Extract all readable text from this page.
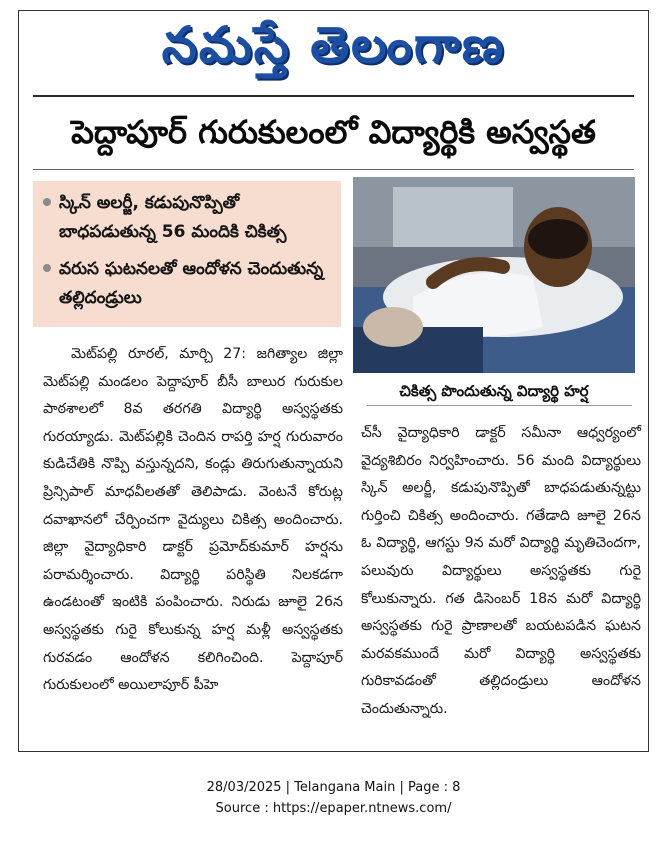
నమస్తే తెలంగాణ
పెద్దాపూర్ గురుకులంలో విద్యార్థికి అస్వస్థత
స్కిన్ అలర్జీ, కడుపునొప్పితో బాధపడుతున్న 56 మందికి చికిత్స
వరుస ఘటనలతో ఆందోళన చెందుతున్న తల్లిదండ్రులు
చికిత్స పొందుతున్న విద్యార్థి హర్ష

మెట్‌పల్లి రూరల్, మార్చి 27: జగిత్యాల జిల్లా మెట్‌పల్లి మండలం పెద్దాపూర్ బీసీ బాలుర గురుకుల పాఠశాలలో 8వ తరగతి విద్యార్థి అస్వస్థతకు గురయ్యాడు. మెట్‌పల్లికి చెందిన రాపర్తి హర్ష గురువారం కుడిచేతికి నొప్పి వస్తున్నదని, కండ్లు తిరుగుతున్నాయని ప్రిన్సిపాల్ మాధవీలతతో తెలిపాడు. వెంటనే కోరుట్ల దవాఖానలో చేర్పించగా వైద్యులు చికిత్స అందించారు. జిల్లా వైద్యాధికారి డాక్టర్ ప్రమోద్‌కుమార్ హర్షను పరామర్శించారు. విద్యార్థి పరిస్థితి నిలకడగా ఉండటంతో ఇంటికి పంపించారు. నిరుడు జూలై 26న అస్వస్థతకు గురై కోలుకున్న హర్ష మళ్లీ అస్వస్థతకు గురవడం ఆందోళన కలిగించింది. పెద్దాపూర్ గురుకులంలో అయిలాపూర్ పీహె

చ్‌సీ వైద్యాధికారి డాక్టర్ సమీనా ఆధ్వర్యంలో వైద్యశిబిరం నిర్వహించారు. 56 మంది విద్యార్థులు స్కిన్ అలర్జీ, కడుపునొప్పితో బాధపడుతున్నట్టు గుర్తించి చికిత్స అందించారు. గతేడాది జూలై 26న ఓ విద్యార్థి, ఆగస్టు 9న మరో విద్యార్థి మృతిచెందగా, పలువురు విద్యార్థులు అస్వస్థతకు గురై కోలుకున్నారు. గత డిసెంబర్ 18న మరో విద్యార్థి అస్వస్థతకు గురై ప్రాణాలతో బయటపడిన ఘటన మరవకముందే మరో విద్యార్థి అస్వస్థతకు గురికావడంతో తల్లిదండ్రులు ఆందోళన చెందుతున్నారు.

28/03/2025 | Telangana Main | Page : 8
Source : https://epaper.ntnews.com/
